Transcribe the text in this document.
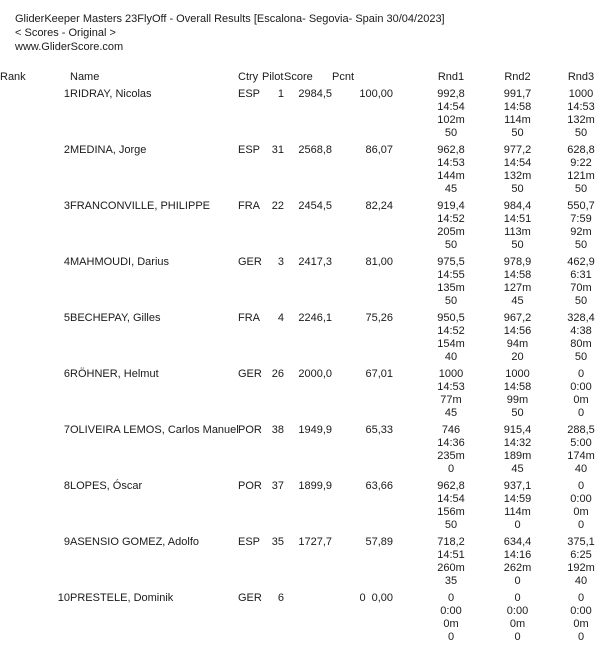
GliderKeeper Masters 23FlyOff - Overall Results [Escalona- Segovia- Spain 30/04/2023]
< Scores - Original >
www.GliderScore.com
Rank	Name	Ctry	Pilot	Score	Pcnt		Rnd1	Rnd2	Rnd3
1	RIDRAY, Nicolas	ESP	1	2984,5	100,00		992,8	991,7	1000
							14:54	14:58	14:53
							102m	114m	132m
							50	50	50
2	MEDINA, Jorge	ESP	31	2568,8	86,07		962,8	977,2	628,8
							14:53	14:54	9:22
							144m	132m	121m
							45	50	50
3	FRANCONVILLE, PHILIPPE	FRA	22	2454,5	82,24		919,4	984,4	550,7
							14:52	14:51	7:59
							205m	113m	92m
							50	50	50
4	MAHMOUDI, Darius	GER	3	2417,3	81,00		975,5	978,9	462,9
							14:55	14:58	6:31
							135m	127m	70m
							50	45	50
5	BECHEPAY, Gilles	FRA	4	2246,1	75,26		950,5	967,2	328,4
							14:52	14:56	4:38
							154m	94m	80m
							40	20	50
6	RÖHNER, Helmut	GER	26	2000,0	67,01		1000	1000	0
							14:53	14:58	0:00
							77m	99m	0m
							45	50	0
7	OLIVEIRA LEMOS, Carlos Manuel	POR	38	1949,9	65,33		746	915,4	288,5
							14:36	14:32	5:00
							235m	189m	174m
							0	45	40
8	LOPES, Óscar	POR	37	1899,9	63,66		962,8	937,1	0
							14:54	14:59	0:00
							156m	114m	0m
							50	0	0
9	ASENSIO GOMEZ, Adolfo	ESP	35	1727,7	57,89		718,2	634,4	375,1
							14:51	14:16	6:25
							260m	262m	192m
							35	0	40
10	PRESTELE, Dominik	GER	6		0 0,00		0	0	0
							0:00	0:00	0:00
							0m	0m	0m
							0	0	0
